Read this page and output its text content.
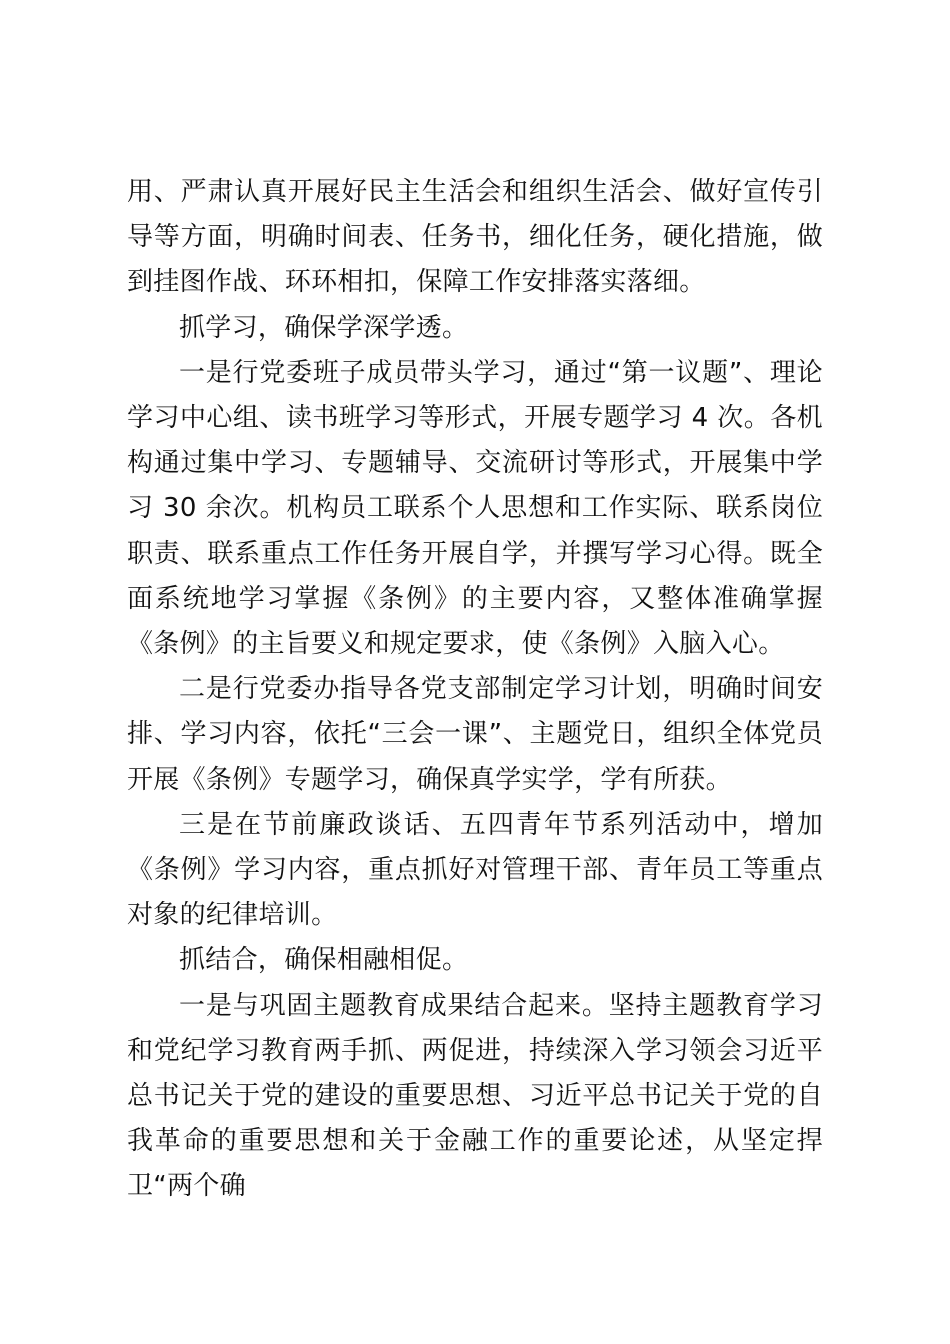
用、严肃认真开展好民主生活会和组织生活会、做好宣传引导等方面，明确时间表、任务书，细化任务，硬化措施，做到挂图作战、环环相扣，保障工作安排落实落细。

抓学习，确保学深学透。

一是行党委班子成员带头学习，通过“第一议题”、理论学习中心组、读书班学习等形式，开展专题学习 4 次。各机构通过集中学习、专题辅导、交流研讨等形式，开展集中学习 30 余次。机构员工联系个人思想和工作实际、联系岗位职责、联系重点工作任务开展自学，并撰写学习心得。既全面系统地学习掌握《条例》的主要内容，又整体准确掌握《条例》的主旨要义和规定要求，使《条例》入脑入心。

二是行党委办指导各党支部制定学习计划，明确时间安排、学习内容，依托“三会一课”、主题党日，组织全体党员开展《条例》专题学习，确保真学实学，学有所获。

三是在节前廉政谈话、五四青年节系列活动中，增加《条例》学习内容，重点抓好对管理干部、青年员工等重点对象的纪律培训。

抓结合，确保相融相促。

一是与巩固主题教育成果结合起来。坚持主题教育学习和党纪学习教育两手抓、两促进，持续深入学习领会习近平总书记关于党的建设的重要思想、习近平总书记关于党的自我革命的重要思想和关于金融工作的重要论述，从坚定捍卫“两个确
